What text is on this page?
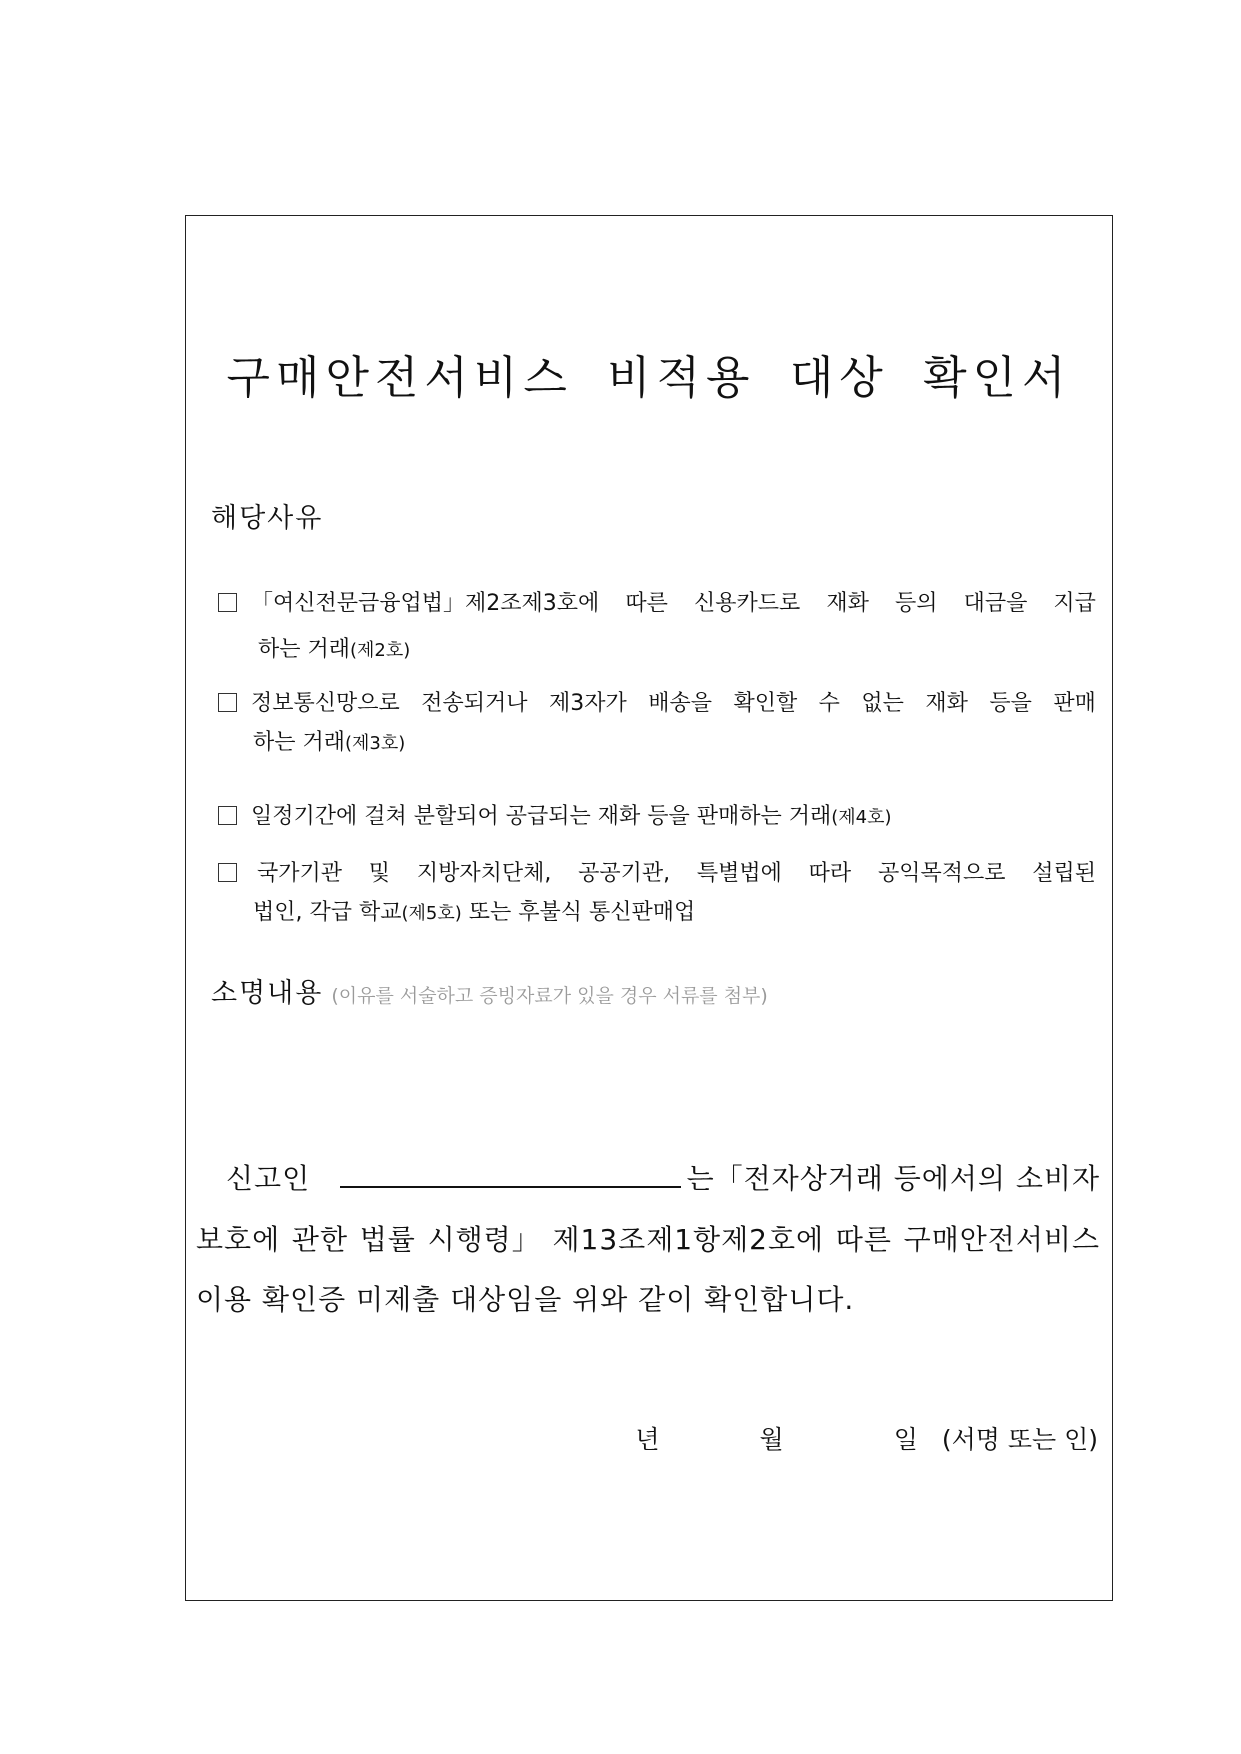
구매안전서비스 비적용 대상 확인서
해당사유
「여신전문금융업법」제2조제3호에 따른 신용카드로 재화 등의 대금을 지급
하는 거래(제2호)
정보통신망으로 전송되거나 제3자가 배송을 확인할 수 없는 재화 등을 판매
하는 거래(제3호)
일정기간에 걸쳐 분할되어 공급되는 재화 등을 판매하는 거래(제4호)
국가기관 및 지방자치단체, 공공기관, 특별법에 따라 공익목적으로 설립된
법인, 각급 학교(제5호) 또는 후불식 통신판매업
소명내용 (이유를 서술하고 증빙자료가 있을 경우 서류를 첨부)
신고인	는「전자상거래 등에서의 소비자
보호에 관한 법률 시행령」 제13조제1항제2호에 따른 구매안전서비스
이용 확인증 미제출 대상임을 위와 같이 확인합니다.
년	월	일 (서명 또는 인)
